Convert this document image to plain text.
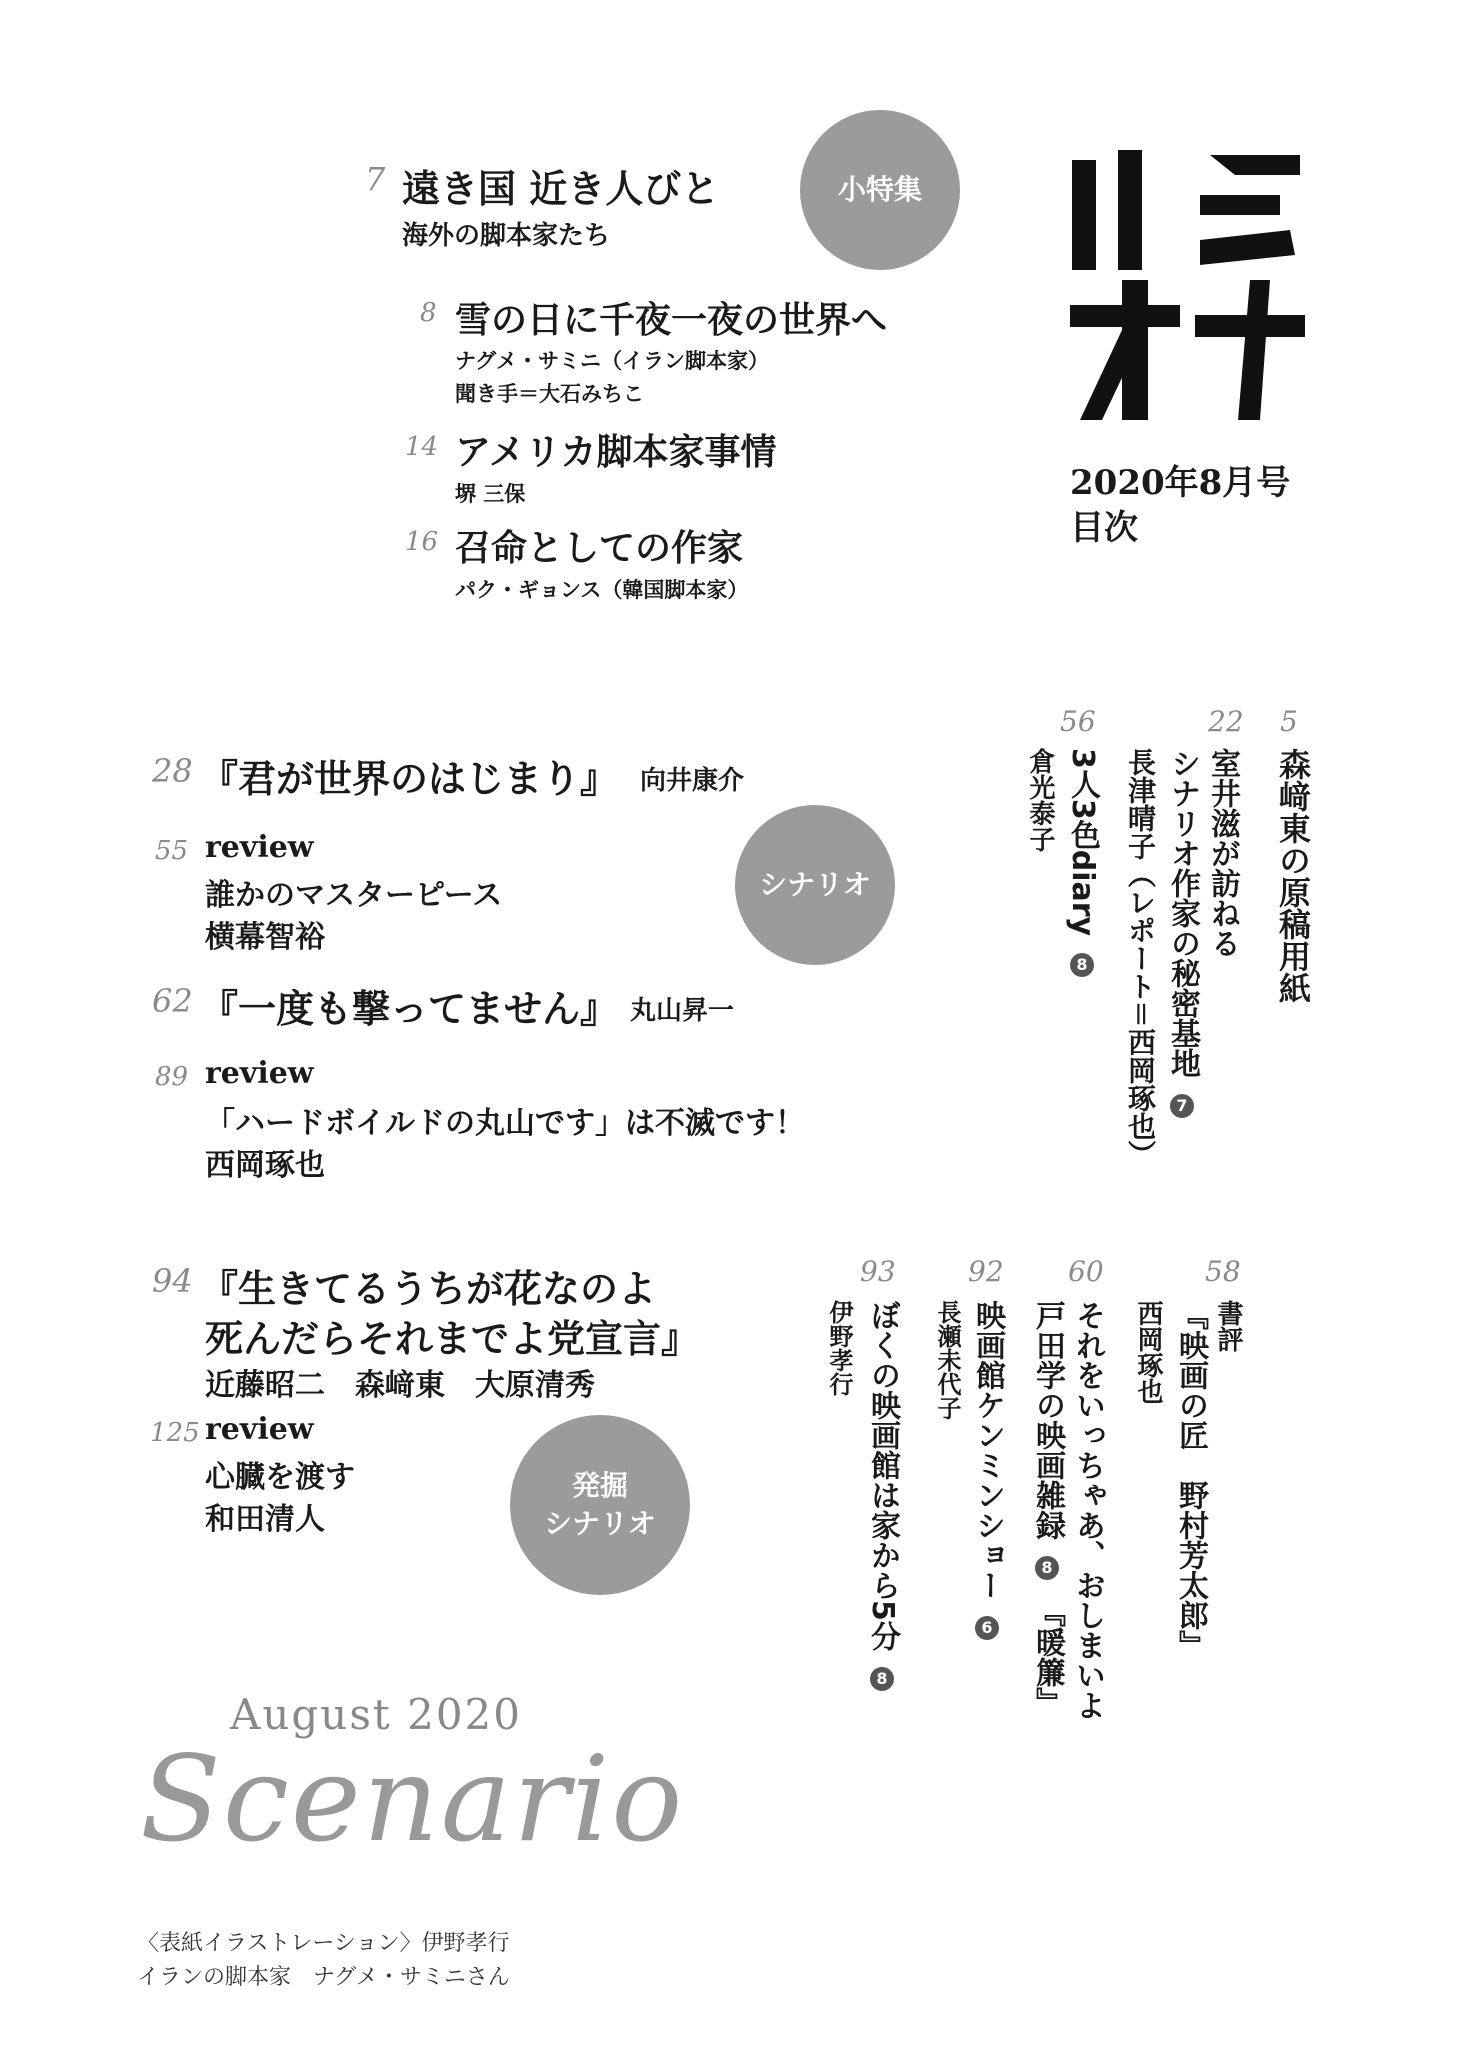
2020年8月号
目次
小特集
7 遠き国 近き人びと
海外の脚本家たち
8 雪の日に千夜一夜の世界へ
ナグメ・サミニ（イラン脚本家）
聞き手＝大石みちこ
14 アメリカ脚本家事情
堺 三保
16 召命としての作家
パク・ギョンス（韓国脚本家）
シナリオ
28 『君が世界のはじまり』 向井康介
55 review
誰かのマスターピース
横幕智裕
62 『一度も撃ってません』 丸山昇一
89 review
「ハードボイルドの丸山です」は不滅です！
西岡琢也
発掘
シナリオ
94 『生きてるうちが花なのよ
死んだらそれまでよ党宣言』
近藤昭二　森﨑東　大原清秀
125 review
心臓を渡す
和田清人
5
森﨑東の原稿用紙
22
室井滋が訪ねる
シナリオ作家の秘密基地 7
長津晴子（レポート＝西岡琢也）
56
3人3色diary 8
倉光泰子
58
書評
『映画の匠　野村芳太郎』
西岡琢也
60
それをいっちゃあ、おしまいよ
戸田学の映画雑録 8 『暖簾』
92
映画館ケンミンショー 6
長瀬未代子
93
ぼくの映画館は家から5分 8
伊野孝行
August 2020
Scenario
〈表紙イラストレーション〉伊野孝行
イランの脚本家　ナグメ・サミニさん
